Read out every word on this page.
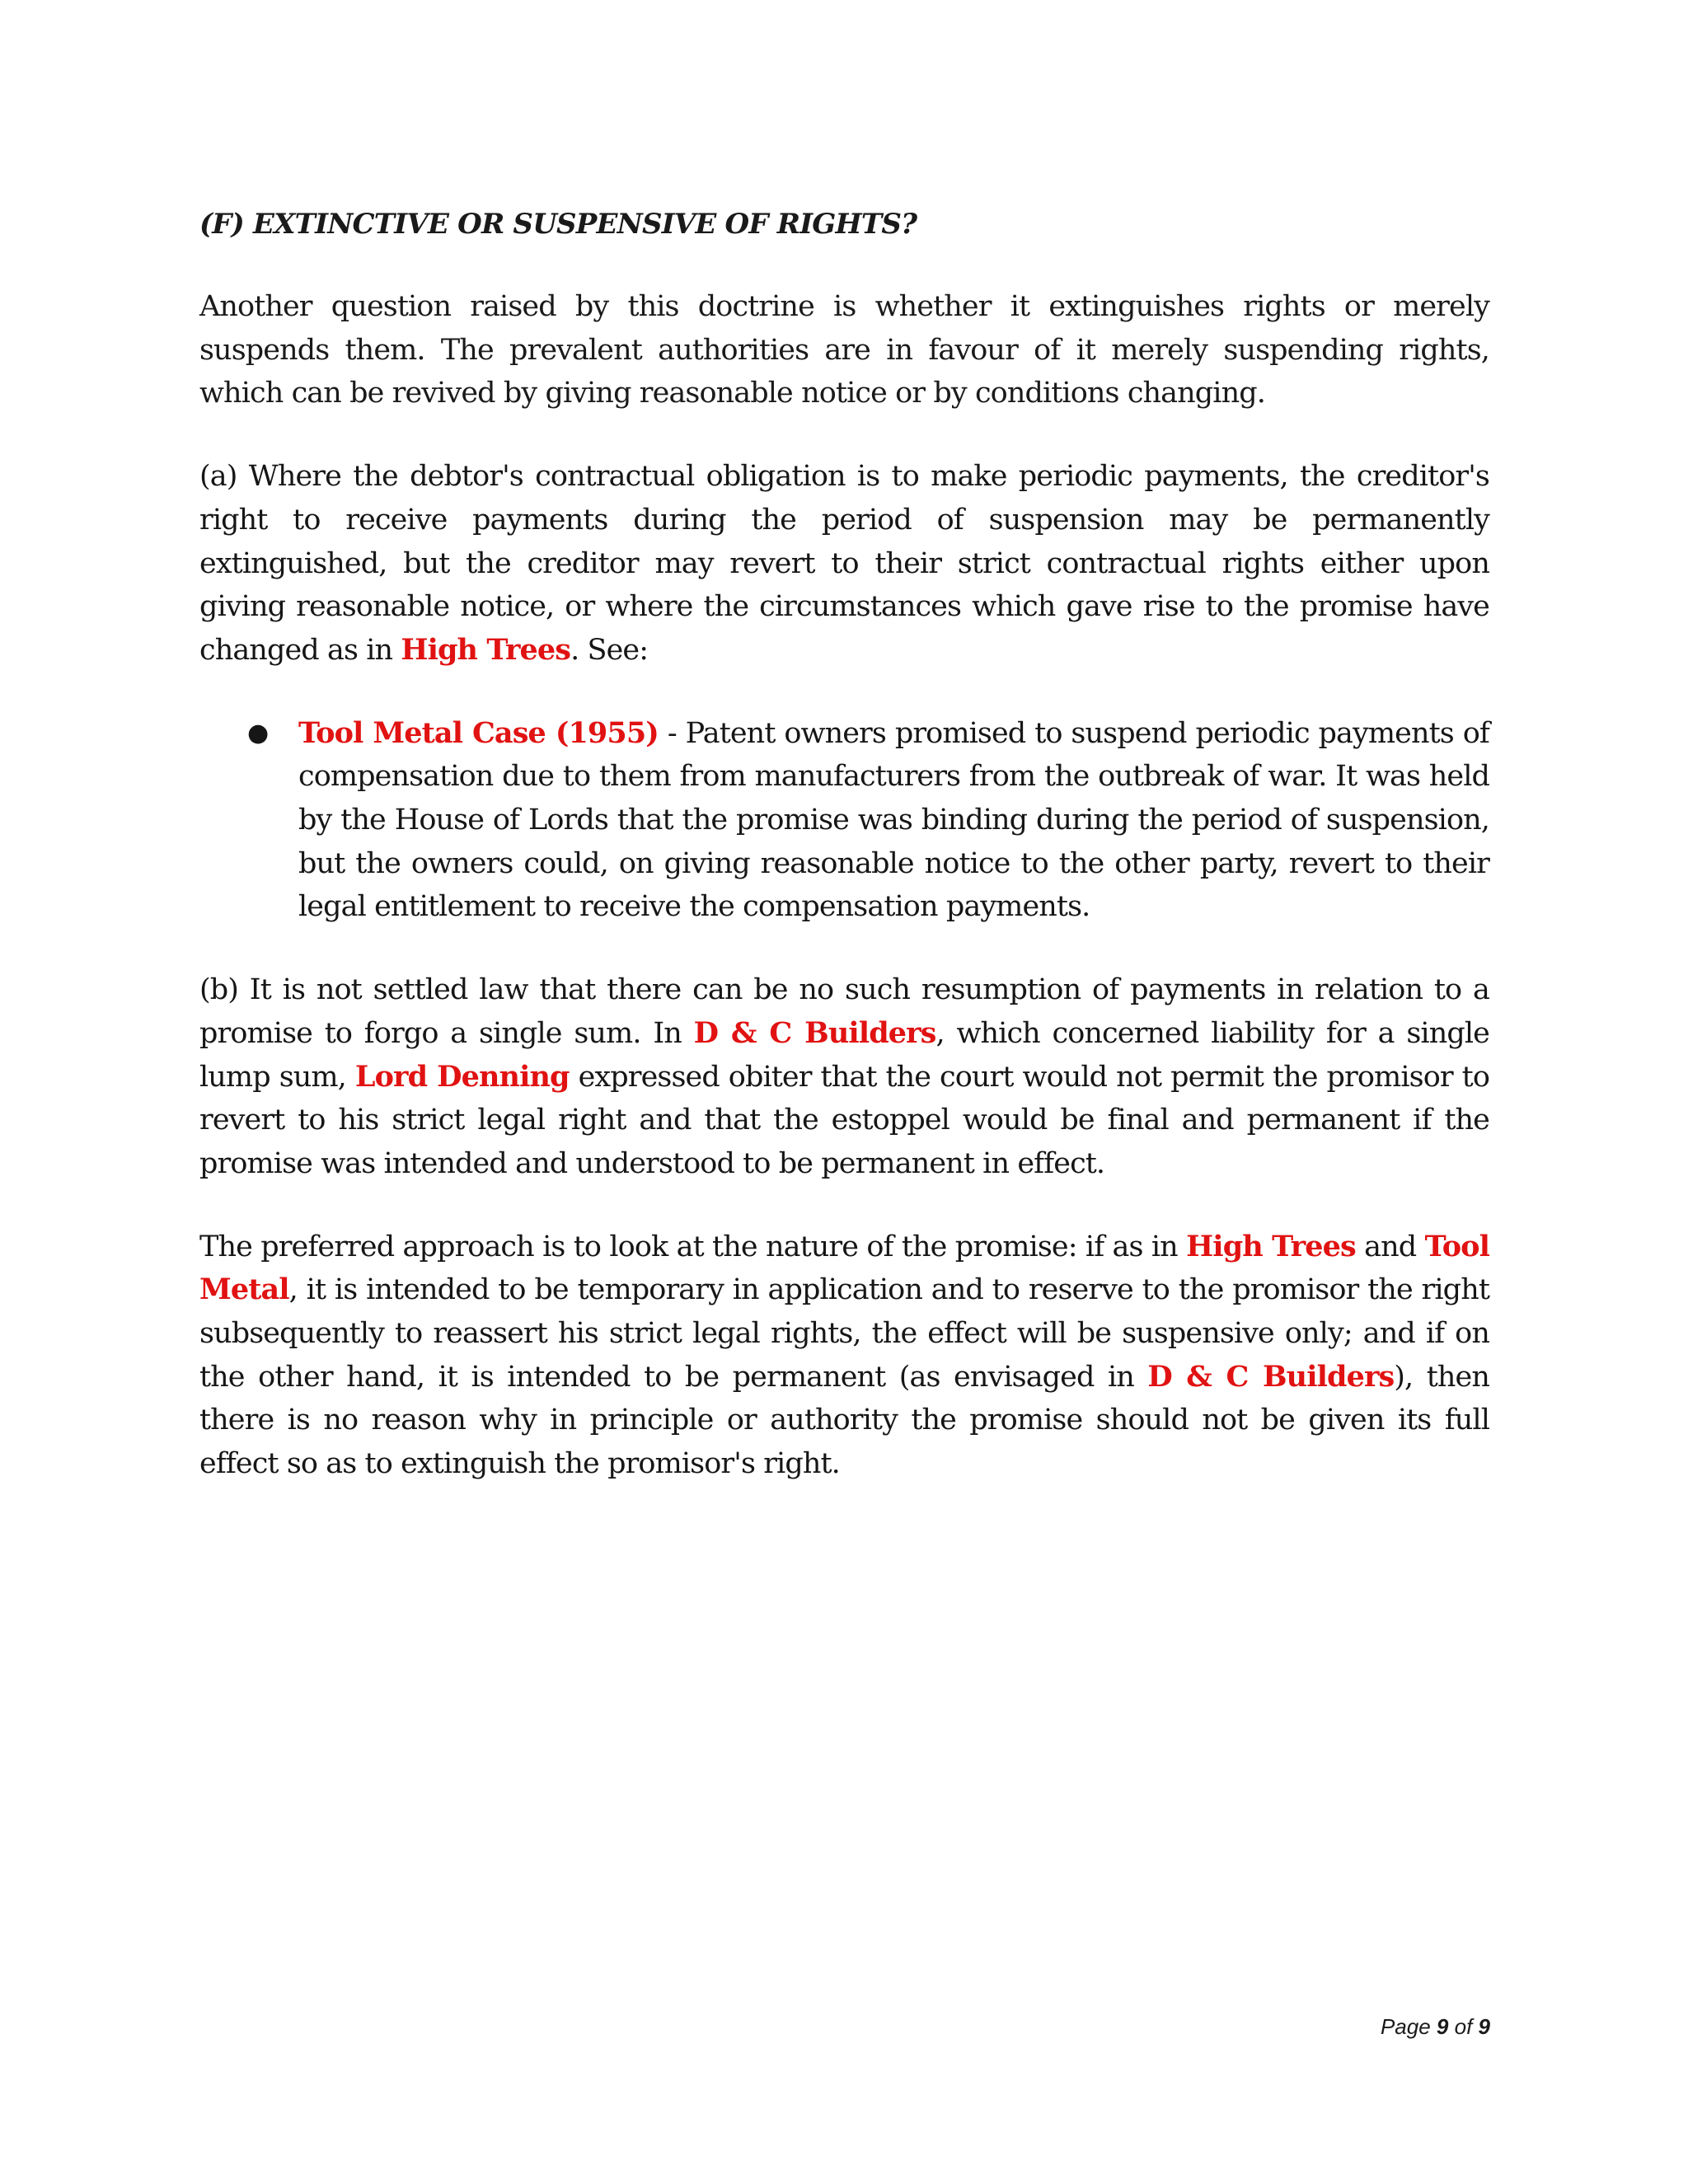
(F) EXTINCTIVE OR SUSPENSIVE OF RIGHTS?

Another question raised by this doctrine is whether it extinguishes rights or merely suspends them. The prevalent authorities are in favour of it merely suspending rights, which can be revived by giving reasonable notice or by conditions changing.

(a) Where the debtor's contractual obligation is to make periodic payments, the creditor's right to receive payments during the period of suspension may be permanently extinguished, but the creditor may revert to their strict contractual rights either upon giving reasonable notice, or where the circumstances which gave rise to the promise have changed as in High Trees. See:

● Tool Metal Case (1955) - Patent owners promised to suspend periodic payments of compensation due to them from manufacturers from the outbreak of war. It was held by the House of Lords that the promise was binding during the period of suspension, but the owners could, on giving reasonable notice to the other party, revert to their legal entitlement to receive the compensation payments.

(b) It is not settled law that there can be no such resumption of payments in relation to a promise to forgo a single sum. In D & C Builders, which concerned liability for a single lump sum, Lord Denning expressed obiter that the court would not permit the promisor to revert to his strict legal right and that the estoppel would be final and permanent if the promise was intended and understood to be permanent in effect.

The preferred approach is to look at the nature of the promise: if as in High Trees and Tool Metal, it is intended to be temporary in application and to reserve to the promisor the right subsequently to reassert his strict legal rights, the effect will be suspensive only; and if on the other hand, it is intended to be permanent (as envisaged in D & C Builders), then there is no reason why in principle or authority the promise should not be given its full effect so as to extinguish the promisor's right.

Page 9 of 9
